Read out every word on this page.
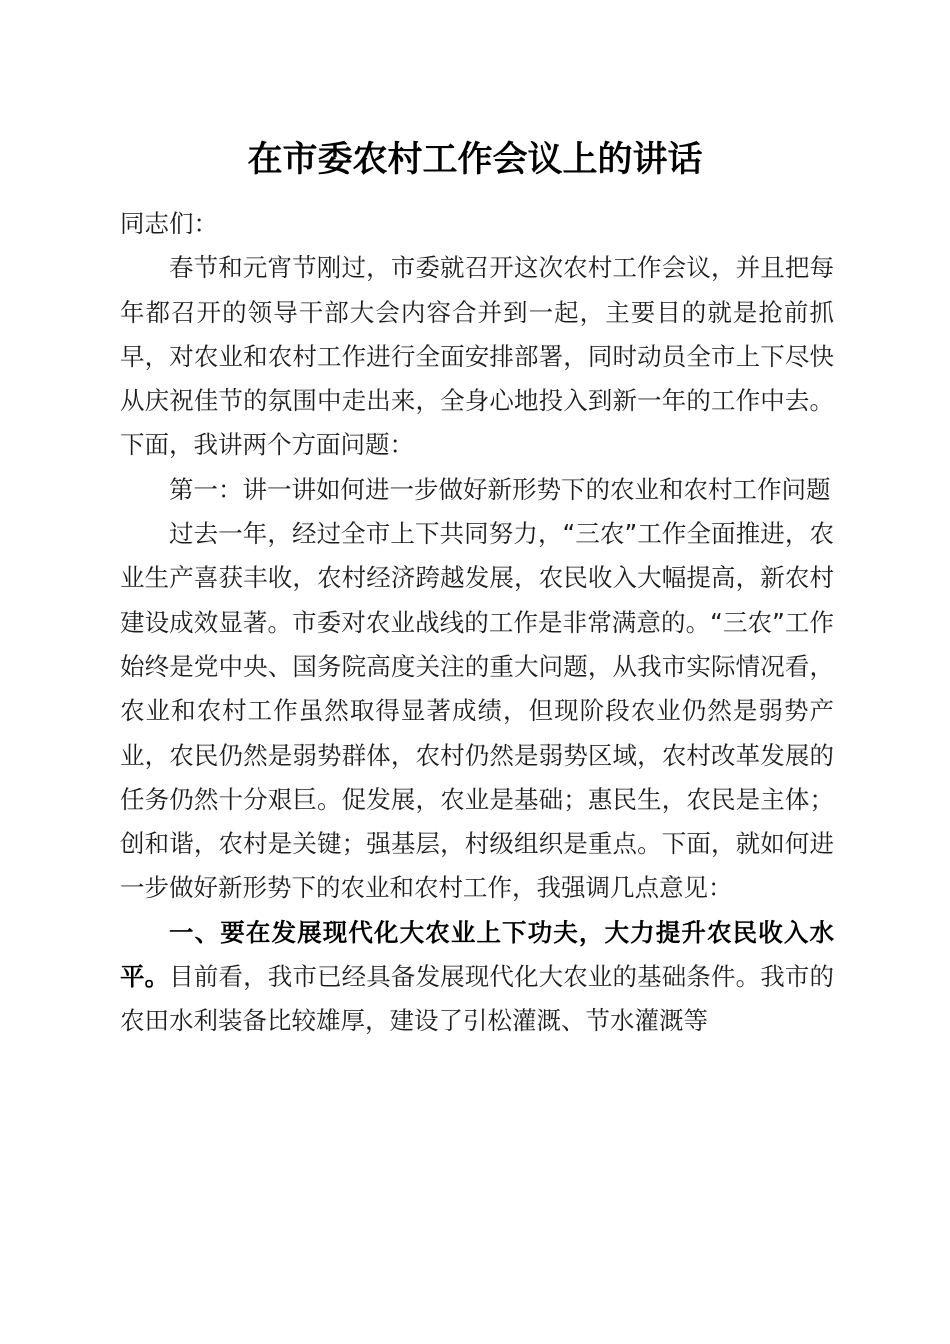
在市委农村工作会议上的讲话

同志们：

春节和元宵节刚过，市委就召开这次农村工作会议，并且把每年都召开的领导干部大会内容合并到一起，主要目的就是抢前抓早，对农业和农村工作进行全面安排部署，同时动员全市上下尽快从庆祝佳节的氛围中走出来，全身心地投入到新一年的工作中去。下面，我讲两个方面问题：

第一：讲一讲如何进一步做好新形势下的农业和农村工作问题

过去一年，经过全市上下共同努力，“三农”工作全面推进，农业生产喜获丰收，农村经济跨越发展，农民收入大幅提高，新农村建设成效显著。市委对农业战线的工作是非常满意的。“三农”工作始终是党中央、国务院高度关注的重大问题，从我市实际情况看，农业和农村工作虽然取得显著成绩，但现阶段农业仍然是弱势产业，农民仍然是弱势群体，农村仍然是弱势区域，农村改革发展的任务仍然十分艰巨。促发展，农业是基础；惠民生，农民是主体；创和谐，农村是关键；强基层，村级组织是重点。下面，就如何进一步做好新形势下的农业和农村工作，我强调几点意见：

一、要在发展现代化大农业上下功夫，大力提升农民收入水平。目前看，我市已经具备发展现代化大农业的基础条件。我市的农田水利装备比较雄厚，建设了引松灌溉、节水灌溉等
